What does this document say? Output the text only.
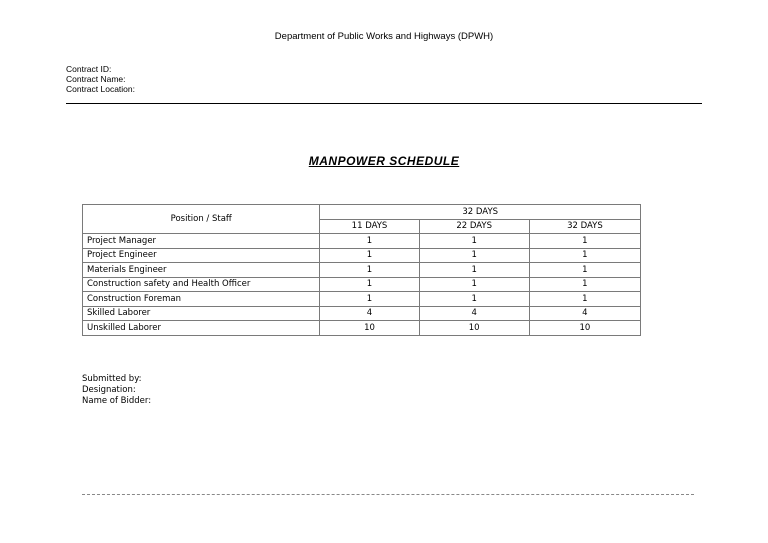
Department of Public Works and Highways (DPWH)
Contract ID:
Contract Name:
Contract Location:
MANPOWER SCHEDULE
Position / Staff	32 DAYS		
	11 DAYS	22 DAYS	32 DAYS
Project Manager	1	1	1
Project Engineer	1	1	1
Materials Engineer	1	1	1
Construction safety and Health Officer	1	1	1
Construction Foreman	1	1	1
Skilled Laborer	4	4	4
Unskilled Laborer	10	10	10
Submitted by:
Designation:
Name of Bidder:
